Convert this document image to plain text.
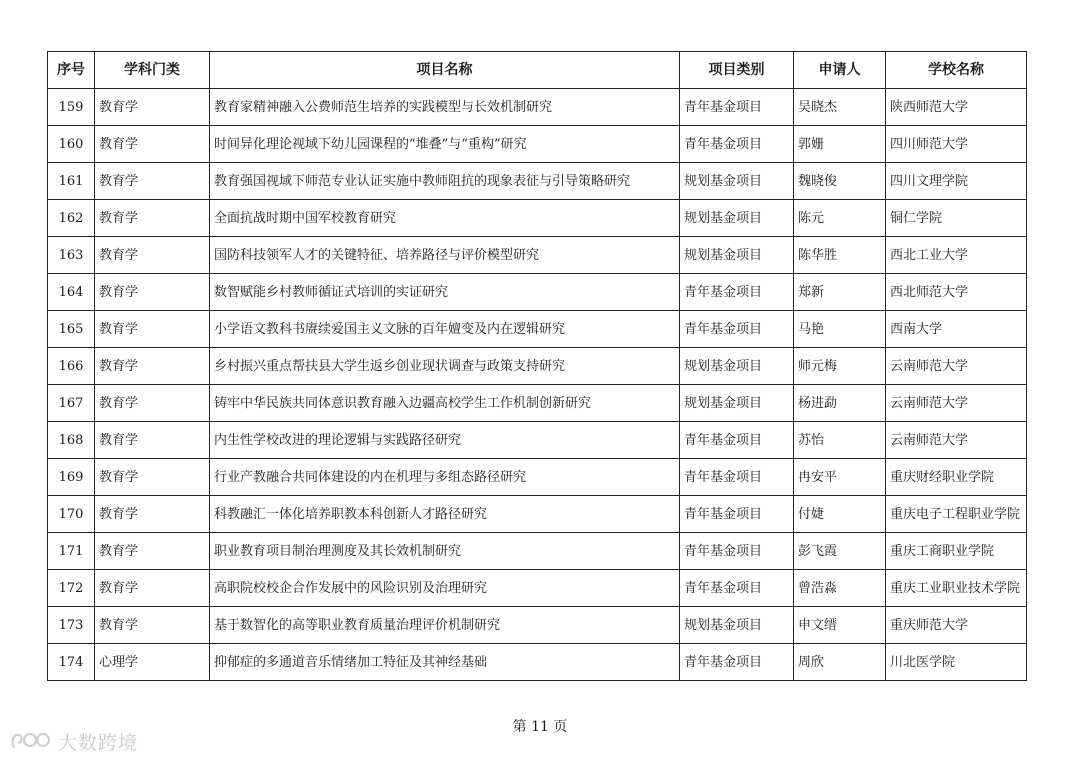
序号	学科门类	项目名称	项目类别	申请人	学校名称
159	教育学	教育家精神融入公费师范生培养的实践模型与长效机制研究	青年基金项目	吴晓杰	陕西师范大学
160	教育学	时间异化理论视域下幼儿园课程的“堆叠”与“重构”研究	青年基金项目	郭姗	四川师范大学
161	教育学	教育强国视域下师范专业认证实施中教师阻抗的现象表征与引导策略研究	规划基金项目	魏晓俊	四川文理学院
162	教育学	全面抗战时期中国军校教育研究	规划基金项目	陈元	铜仁学院
163	教育学	国防科技领军人才的关键特征、培养路径与评价模型研究	规划基金项目	陈华胜	西北工业大学
164	教育学	数智赋能乡村教师循证式培训的实证研究	青年基金项目	郑新	西北师范大学
165	教育学	小学语文教科书赓续爱国主义文脉的百年嬗变及内在逻辑研究	青年基金项目	马艳	西南大学
166	教育学	乡村振兴重点帮扶县大学生返乡创业现状调查与政策支持研究	规划基金项目	师元梅	云南师范大学
167	教育学	铸牢中华民族共同体意识教育融入边疆高校学生工作机制创新研究	规划基金项目	杨进勐	云南师范大学
168	教育学	内生性学校改进的理论逻辑与实践路径研究	青年基金项目	苏怡	云南师范大学
169	教育学	行业产教融合共同体建设的内在机理与多组态路径研究	青年基金项目	冉安平	重庆财经职业学院
170	教育学	科教融汇一体化培养职教本科创新人才路径研究	青年基金项目	付婕	重庆电子工程职业学院
171	教育学	职业教育项目制治理测度及其长效机制研究	青年基金项目	彭飞霞	重庆工商职业学院
172	教育学	高职院校校企合作发展中的风险识别及治理研究	青年基金项目	曾浩淼	重庆工业职业技术学院
173	教育学	基于数智化的高等职业教育质量治理评价机制研究	规划基金项目	申文缙	重庆师范大学
174	心理学	抑郁症的多通道音乐情绪加工特征及其神经基础	青年基金项目	周欣	川北医学院
第 11 页
大数跨境
